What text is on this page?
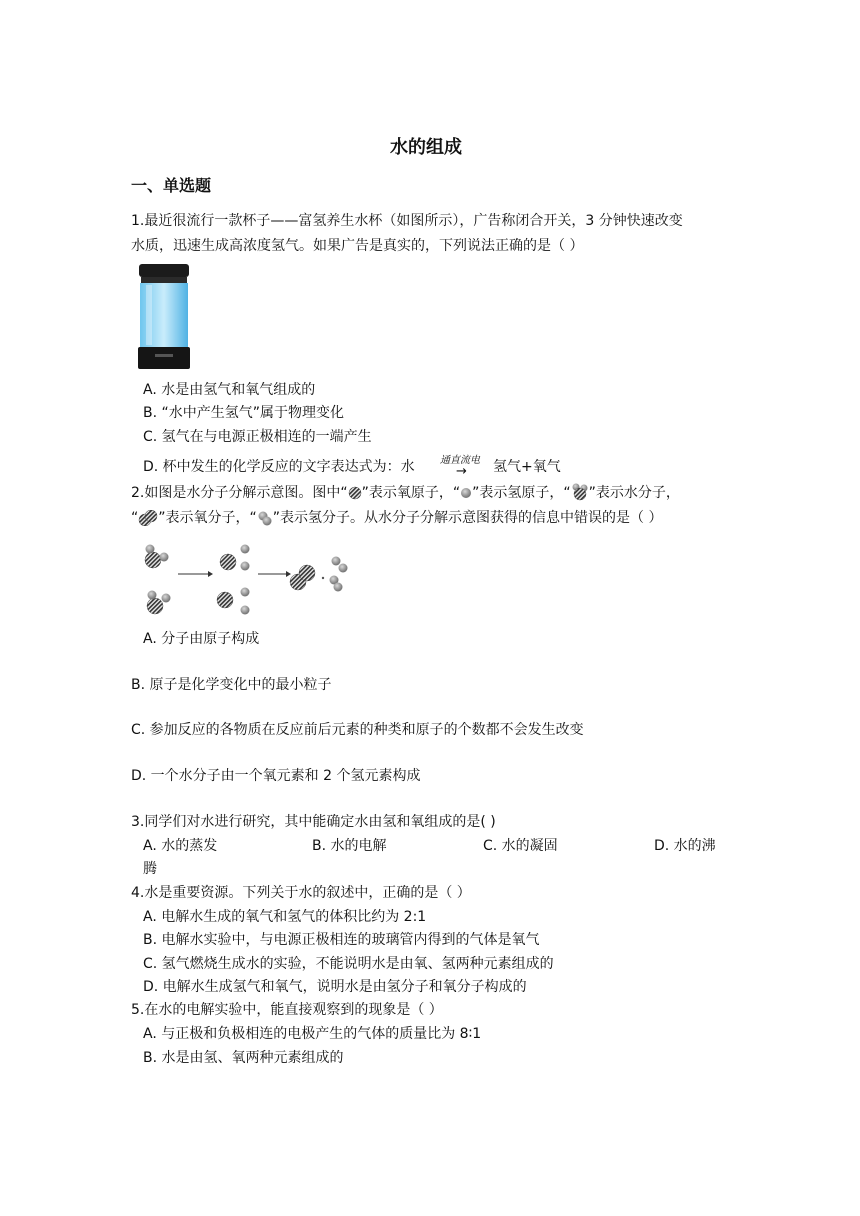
水的组成
一、单选题
1.最近很流行一款杯子——富氢养生水杯（如图所示），广告称闭合开关，3 分钟快速改变
水质，迅速生成高浓度氢气。如果广告是真实的，下列说法正确的是（ ）
A. 水是由氢气和氧气组成的
B. “水中产生氢气”属于物理变化
C. 氢气在与电源正极相连的一端产生
D. 杯中发生的化学反应的文字表达式为：水	通直流电
→ 氢气+氧气
2.如图是水分子分解示意图。图中“ ”表示氧原子，“ ”表示氢原子，“ ”表示水分子，
“ ”表示氧分子，“ ”表示氢分子。从水分子分解示意图获得的信息中错误的是（ ）
A. 分子由原子构成
B. 原子是化学变化中的最小粒子
C. 参加反应的各物质在反应前后元素的种类和原子的个数都不会发生改变
D. 一个水分子由一个氧元素和 2 个氢元素构成
3.同学们对水进行研究，其中能确定水由氢和氧组成的是( )
A. 水的蒸发	B. 水的电解	C. 水的凝固	D. 水的沸
腾
4.水是重要资源。下列关于水的叙述中，正确的是（ ）
A. 电解水生成的氧气和氢气的体积比约为 2:1
B. 电解水实验中，与电源正极相连的玻璃管内得到的气体是氧气
C. 氢气燃烧生成水的实验，不能说明水是由氧、氢两种元素组成的
D. 电解水生成氢气和氧气，说明水是由氢分子和氧分子构成的
5.在水的电解实验中，能直接观察到的现象是（ ）
A. 与正极和负极相连的电极产生的气体的质量比为 8∶1
B. 水是由氢、氧两种元素组成的
